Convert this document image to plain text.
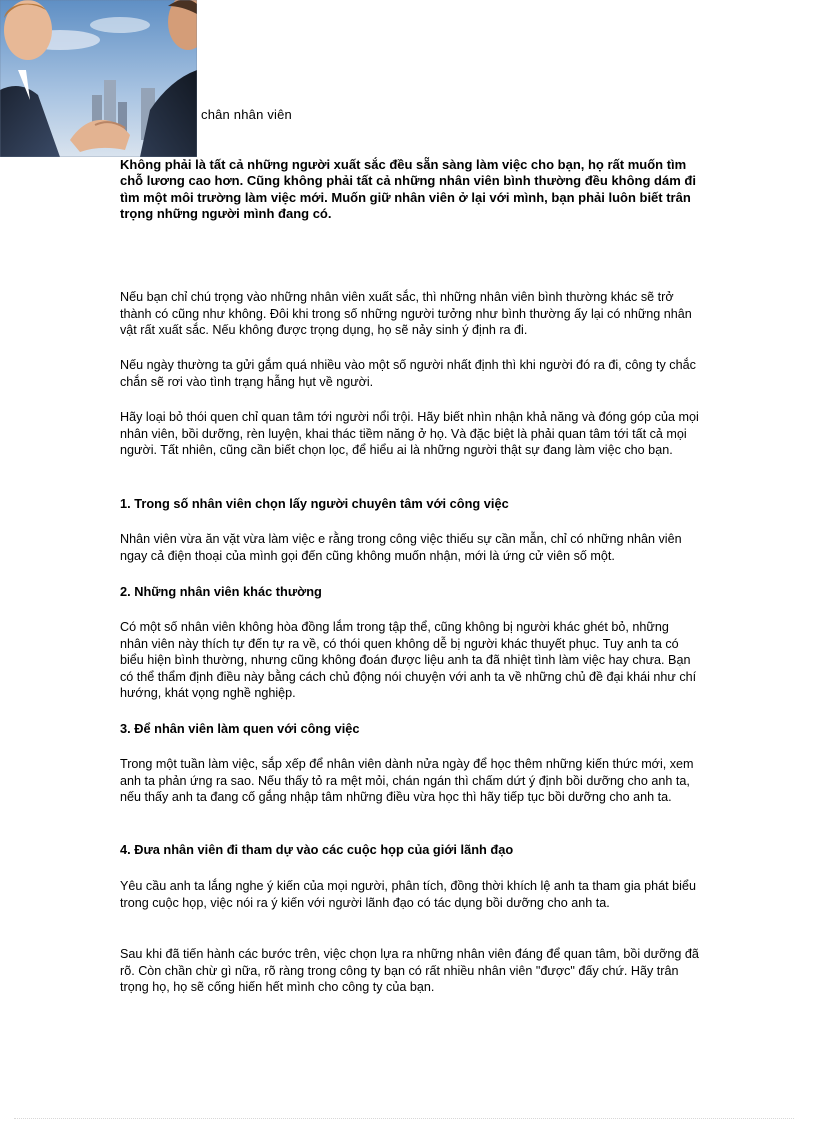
chân nhân viên
Không phải là tất cả những người xuất sắc đều sẵn sàng làm việc cho bạn, họ rất muốn tìm chỗ lương cao hơn. Cũng không phải tất cả những nhân viên bình thường đều không dám đi tìm một môi trường làm việc mới. Muốn giữ nhân viên ở lại với mình, bạn phải luôn biết trân trọng những người mình đang có.

Nếu bạn chỉ chú trọng vào những nhân viên xuất sắc, thì những nhân viên bình thường khác sẽ trở thành có cũng như không. Đôi khi trong số những người tưởng như bình thường ấy lại có những nhân vật rất xuất sắc. Nếu không được trọng dụng, họ sẽ nảy sinh ý định ra đi.

Nếu ngày thường ta gửi gắm quá nhiều vào một số người nhất định thì khi người đó ra đi, công ty chắc chắn sẽ rơi vào tình trạng hẫng hụt về người.

Hãy loại bỏ thói quen chỉ quan tâm tới người nổi trội. Hãy biết nhìn nhận khả năng và đóng góp của mọi nhân viên, bồi dưỡng, rèn luyện, khai thác tiềm năng ở họ. Và đặc biệt là phải quan tâm tới tất cả mọi người. Tất nhiên, cũng cần biết chọn lọc, để hiểu ai là những người thật sự đang làm việc cho bạn.

1. Trong số nhân viên chọn lấy người chuyên tâm với công việc

Nhân viên vừa ăn vặt vừa làm việc e rằng trong công việc thiếu sự cần mẫn, chỉ có những nhân viên ngay cả điện thoại của mình gọi đến cũng không muốn nhận, mới là ứng cử viên số một.

2. Những nhân viên khác thường

Có một số nhân viên không hòa đồng lắm trong tập thể, cũng không bị người khác ghét bỏ, những nhân viên này thích tự đến tự ra về, có thói quen không dễ bị người khác thuyết phục. Tuy anh ta có biểu hiện bình thường, nhưng cũng không đoán được liệu anh ta đã nhiệt tình làm việc hay chưa. Bạn có thể thẩm định điều này bằng cách chủ động nói chuyện với anh ta về những chủ đề đại khái như chí hướng, khát vọng nghề nghiệp.

3. Để nhân viên làm quen với công việc

Trong một tuần làm việc, sắp xếp để nhân viên dành nửa ngày để học thêm những kiến thức mới, xem anh ta phản ứng ra sao. Nếu thấy tỏ ra mệt mỏi, chán ngán thì chấm dứt ý định bồi dưỡng cho anh ta, nếu thấy anh ta đang cố gắng nhập tâm những điều vừa học thì hãy tiếp tục bồi dưỡng cho anh ta.

4. Đưa nhân viên đi tham dự vào các cuộc họp của giới lãnh đạo

Yêu cầu anh ta lắng nghe ý kiến của mọi người, phân tích, đồng thời khích lệ anh ta tham gia phát biểu trong cuộc họp, việc nói ra ý kiến với người lãnh đạo có tác dụng bồi dưỡng cho anh ta.

Sau khi đã tiến hành các bước trên, việc chọn lựa ra những nhân viên đáng để quan tâm, bồi dưỡng đã rõ. Còn chần chừ gì nữa, rõ ràng trong công ty bạn có rất nhiều nhân viên "được" đấy chứ. Hãy trân trọng họ, họ sẽ cống hiến hết mình cho công ty của bạn.
